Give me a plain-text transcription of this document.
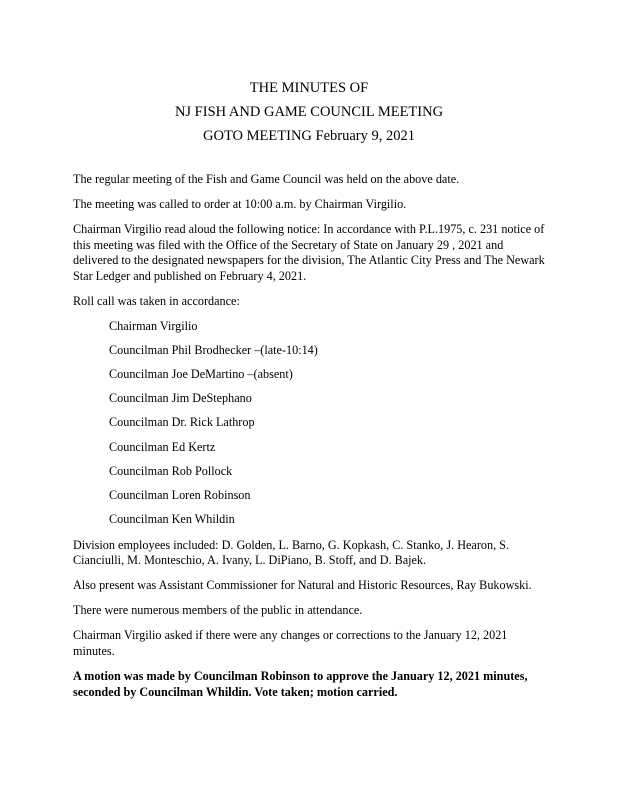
THE MINUTES OF
NJ FISH AND GAME COUNCIL MEETING
GOTO MEETING February 9, 2021

The regular meeting of the Fish and Game Council was held on the above date.

The meeting was called to order at 10:00 a.m. by Chairman Virgilio.

Chairman Virgilio read aloud the following notice: In accordance with P.L.1975, c. 231 notice of this meeting was filed with the Office of the Secretary of State on January 29 , 2021 and delivered to the designated newspapers for the division, The Atlantic City Press and The Newark Star Ledger and published on February 4, 2021.

Roll call was taken in accordance:

Chairman Virgilio
Councilman Phil Brodhecker –(late-10:14)
Councilman Joe DeMartino –(absent)
Councilman Jim DeStephano
Councilman Dr. Rick Lathrop
Councilman Ed Kertz
Councilman Rob Pollock
Councilman Loren Robinson
Councilman Ken Whildin

Division employees included: D. Golden, L. Barno, G. Kopkash, C. Stanko, J. Hearon, S. Cianciulli, M. Monteschio, A. Ivany, L. DiPiano, B. Stoff, and D. Bajek.

Also present was Assistant Commissioner for Natural and Historic Resources, Ray Bukowski.

There were numerous members of the public in attendance.

Chairman Virgilio asked if there were any changes or corrections to the January 12, 2021 minutes.

A motion was made by Councilman Robinson to approve the January 12, 2021 minutes, seconded by Councilman Whildin. Vote taken; motion carried.
